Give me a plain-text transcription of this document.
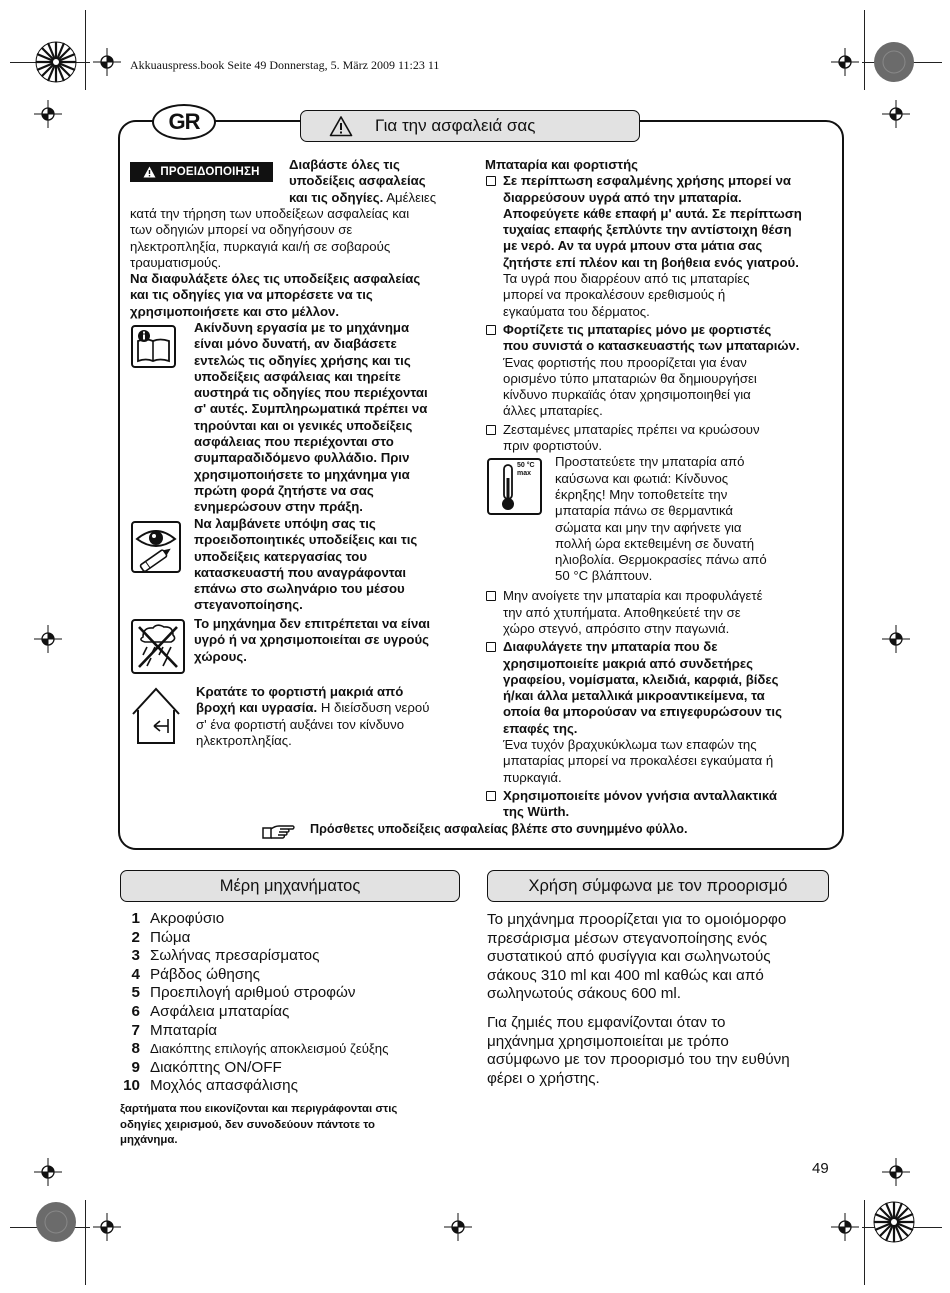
Akkuauspress.book Seite 49 Donnerstag, 5. März 2009 11:23 11
GR	Για την ασφαλειά σας
ΠΡΟΕΙΔΟΠΟΙΗΣΗ Διαβάστε όλες τις
υποδείξεις ασφαλείας
και τις οδηγίες. Αμέλειες
κατά την τήρηση των υποδείξεων ασφαλείας και
των οδηγιών μπορεί να οδηγήσουν σε
ηλεκτροπληξία, πυρκαγιά και/ή σε σοβαρούς
τραυματισμούς.
Να διαφυλάξετε όλες τις υποδείξεις ασφαλείας
και τις οδηγίες για να μπορέσετε να τις
χρησιμοποιήσετε και στο μέλλον.
Ακίνδυνη εργασία με το μηχάνημα
είναι μόνο δυνατή, αν διαβάσετε
εντελώς τις οδηγίες χρήσης και τις
υποδείξεις ασφάλειας και τηρείτε
αυστηρά τις οδηγίες που περιέχονται
σ' αυτές. Συμπληρωματικά πρέπει να
τηρούνται και οι γενικές υποδείξεις
ασφάλειας που περιέχονται στο
συμπαραδιδόμενο φυλλάδιο. Πριν
χρησιμοποιήσετε το μηχάνημα για
πρώτη φορά ζητήστε να σας
ενημερώσουν στην πράξη.
Να λαμβάνετε υπόψη σας τις
προειδοποιητικές υποδείξεις και τις
υποδείξεις κατεργασίας του
κατασκευαστή που αναγράφονται
επάνω στο σωληνάριο του μέσου
στεγανοποίησης.
Το μηχάνημα δεν επιτρέπεται να είναι
υγρό ή να χρησιμοποιείται σε υγρούς
χώρους.
Κρατάτε το φορτιστή μακριά από
βροχή και υγρασία. Η διείσδυση νερού
σ' ένα φορτιστή αυξάνει τον κίνδυνο
ηλεκτροπληξίας.
Μπαταρία και φορτιστής
Σε περίπτωση εσφαλμένης χρήσης μπορεί να
διαρρεύσουν υγρά από την μπαταρία.
Αποφεύγετε κάθε επαφή μ' αυτά. Σε περίπτωση
τυχαίας επαφής ξεπλύντε την αντίστοιχη θέση
με νερό. Αν τα υγρά μπουν στα μάτια σας
ζητήστε επί πλέον και τη βοήθεια ενός γιατρού.
Τα υγρά που διαρρέουν από τις μπαταρίες
μπορεί να προκαλέσουν ερεθισμούς ή
εγκαύματα του δέρματος.
Φορτίζετε τις μπαταρίες μόνο με φορτιστές
που συνιστά ο κατασκευαστής των μπαταριών.
Ένας φορτιστής που προορίζεται για έναν
ορισμένο τύπο μπαταριών θα δημιουργήσει
κίνδυνο πυρκαϊάς όταν χρησιμοποιηθεί για
άλλες μπαταρίες.
Ζεσταμένες μπαταρίες πρέπει να κρυώσουν
πριν φορτιστούν.
50 °C
max
Προστατεύετε την μπαταρία από
καύσωνα και φωτιά: Κίνδυνος
έκρηξης! Μην τοποθετείτε την
μπαταρία πάνω σε θερμαντικά
σώματα και μην την αφήνετε για
πολλή ώρα εκτεθειμένη σε δυνατή
ηλιοβολία. Θερμοκρασίες πάνω από
50 °C βλάπτουν.
Μην ανοίγετε την μπαταρία και προφυλάγετέ
την από χτυπήματα. Αποθηκεύετέ την σε
χώρο στεγνό, απρόσιτο στην παγωνιά.
Διαφυλάγετε την μπαταρία που δε
χρησιμοποιείτε μακριά από συνδετήρες
γραφείου, νομίσματα, κλειδιά, καρφιά, βίδες
ή/και άλλα μεταλλικά μικροαντικείμενα, τα
οποία θα μπορούσαν να επιγεφυρώσουν τις
επαφές της.
Ένα τυχόν βραχυκύκλωμα των επαφών της
μπαταρίας μπορεί να προκαλέσει εγκαύματα ή
πυρκαγιά.
Χρησιμοποιείτε μόνον γνήσια ανταλλακτικά
της Würth.
Πρόσθετες υποδείξεις ασφαλείας βλέπε στο συνημμένο φύλλο.
Μέρη μηχανήματος
1 Ακροφύσιο
2 Πώμα
3 Σωλήνας πρεσαρίσματος
4 Ράβδος ώθησης
5 Προεπιλογή αριθμού στροφών
6 Ασφάλεια μπαταρίας
7 Μπαταρία
8 Διακόπτης επιλογής αποκλεισμού ζεύξης
9 Διακόπτης ON/OFF
10 Μοχλός απασφάλισης
ξαρτήματα που εικονίζονται και περιγράφονται στις
οδηγίες χειρισμού, δεν συνοδεύουν πάντοτε το
μηχάνημα.
Χρήση σύμφωνα με τον προορισμό
Το μηχάνημα προορίζεται για το ομοιόμορφο
πρεσάρισμα μέσων στεγανοποίησης ενός
συστατικού από φυσίγγια και σωληνωτούς
σάκους 310 ml και 400 ml καθώς και από
σωληνωτούς σάκους 600 ml.
Για ζημιές που εμφανίζονται όταν το
μηχάνημα χρησιμοποιείται με τρόπο
ασύμφωνο με τον προορισμό του την ευθύνη
φέρει ο χρήστης.
49
